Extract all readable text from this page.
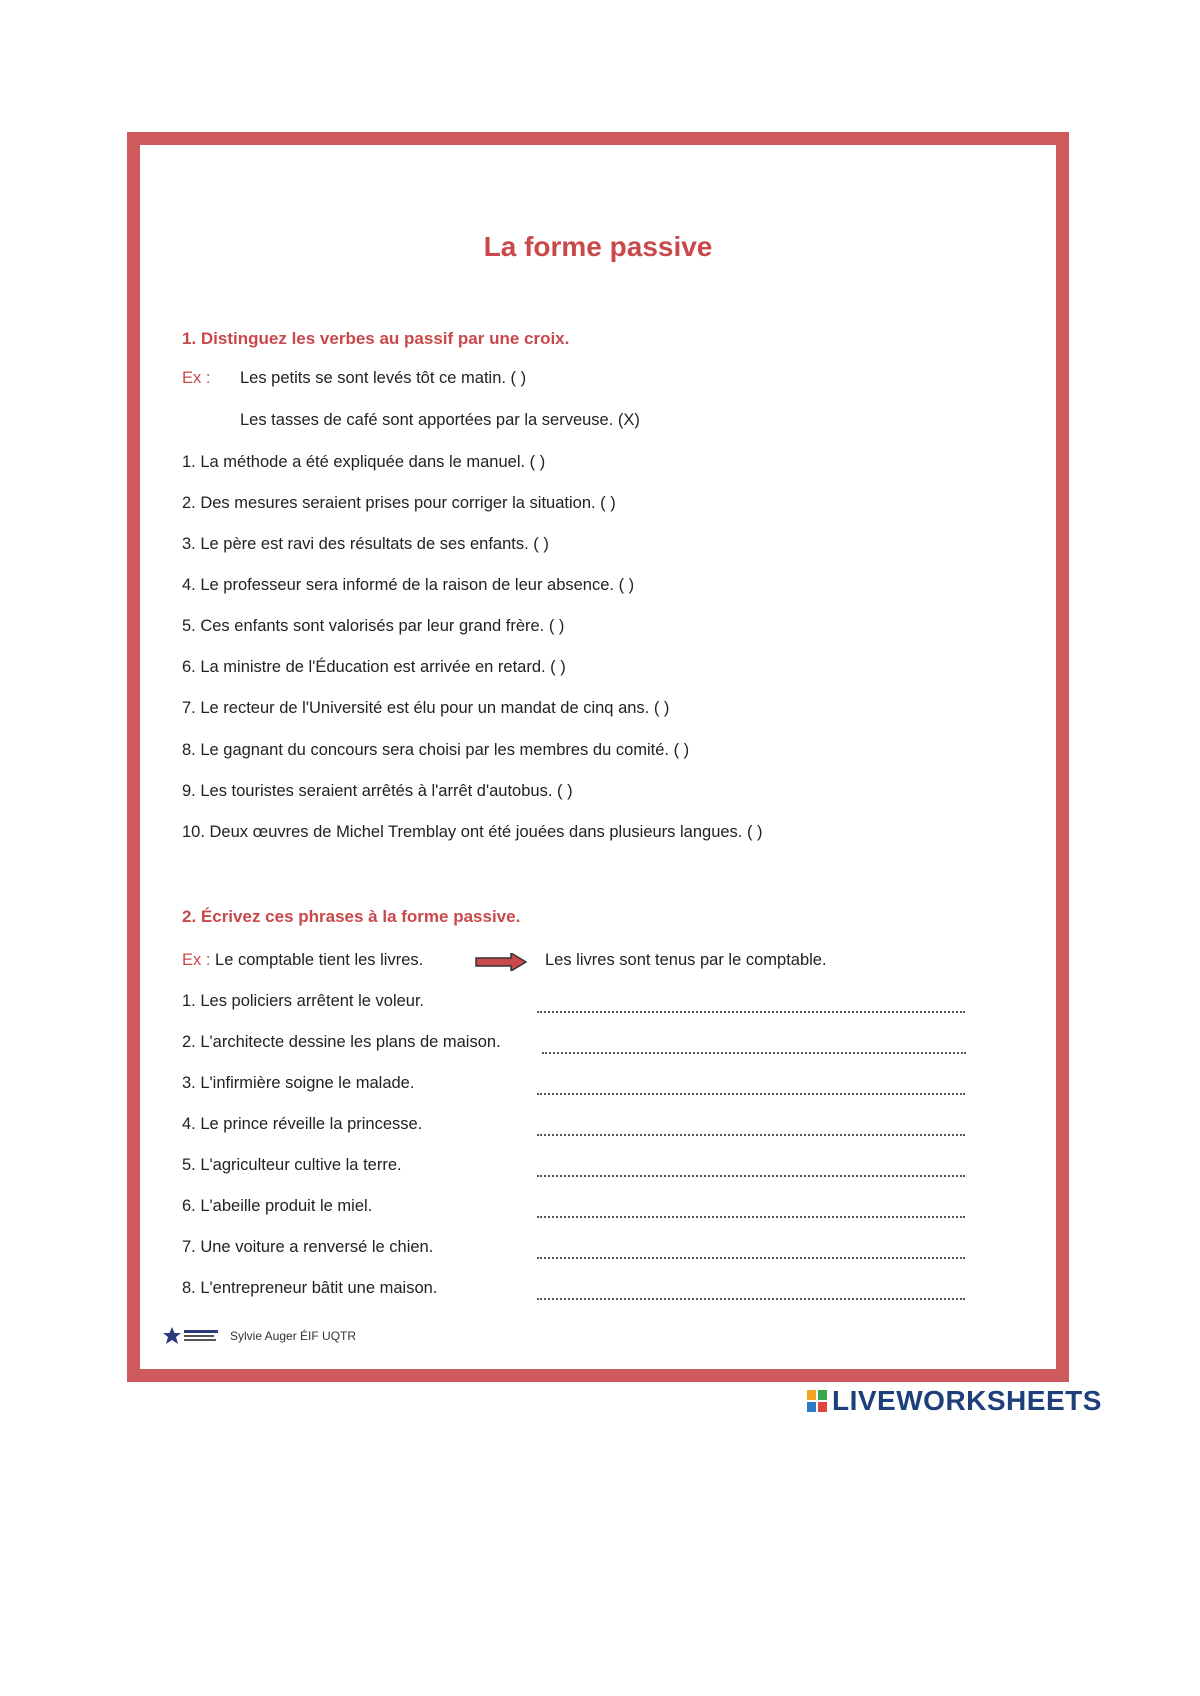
La forme passive
1. Distinguez les verbes au passif par une croix.
Ex : Les petits se sont levés tôt ce matin. ( )
Les tasses de café sont apportées par la serveuse. (X)
1. La méthode a été expliquée dans le manuel. ( )
2. Des mesures seraient prises pour corriger la situation. ( )
3. Le père est ravi des résultats de ses enfants. ( )
4. Le professeur sera informé de la raison de leur absence. ( )
5. Ces enfants sont valorisés par leur grand frère. ( )
6. La ministre de l'Éducation est arrivée en retard. ( )
7. Le recteur de l'Université est élu pour un mandat de cinq ans. ( )
8. Le gagnant du concours sera choisi par les membres du comité. ( )
9. Les touristes seraient arrêtés à l'arrêt d'autobus. ( )
10. Deux œuvres de Michel Tremblay ont été jouées dans plusieurs langues. ( )
2. Écrivez ces phrases à la forme passive.
Ex : Le comptable tient les livres.	Les livres sont tenus par le comptable.
1. Les policiers arrêtent le voleur.
2. L'architecte dessine les plans de maison.
3. L'infirmière soigne le malade.
4. Le prince réveille la princesse.
5. L'agriculteur cultive la terre.
6. L'abeille produit le miel.
7. Une voiture a renversé le chien.
8. L'entrepreneur bâtit une maison.
Sylvie Auger ÉIF UQTR
LIVEWORKSHEETS
